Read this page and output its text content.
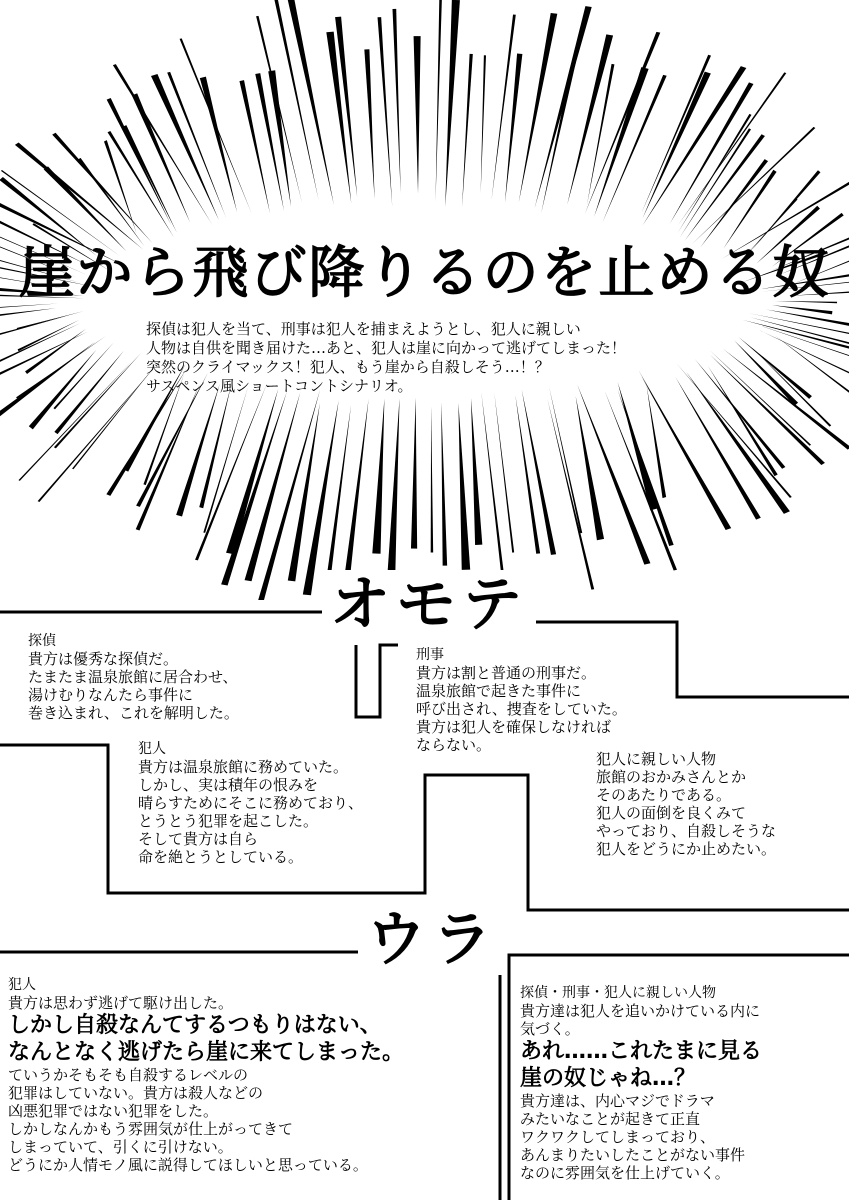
崖から飛び降りるのを止める奴
探偵は犯人を当て、刑事は犯人を捕まえようとし、犯人に親しい
人物は自供を聞き届けた…あと、犯人は崖に向かって逃げてしまった！
突然のクライマックス！犯人、もう崖から自殺しそう…！？
サスペンス風ショートコントシナリオ。
オモテ
探偵
貴方は優秀な探偵だ。
たまたま温泉旅館に居合わせ、
湯けむりなんたら事件に
巻き込まれ、これを解明した。
刑事
貴方は割と普通の刑事だ。
温泉旅館で起きた事件に
呼び出され、捜査をしていた。
貴方は犯人を確保しなければ
ならない。
犯人
貴方は温泉旅館に務めていた。
しかし、実は積年の恨みを
晴らすためにそこに務めており、
とうとう犯罪を起こした。
そして貴方は自ら
命を絶とうとしている。
犯人に親しい人物
旅館のおかみさんとか
そのあたりである。
犯人の面倒を良くみて
やっており、自殺しそうな
犯人をどうにか止めたい。
ウラ
犯人
貴方は思わず逃げて駆け出した。
しかし自殺なんてするつもりはない、
なんとなく逃げたら崖に来てしまった。
ていうかそもそも自殺するレベルの
犯罪はしていない。貴方は殺人などの
凶悪犯罪ではない犯罪をした。
しかしなんかもう雰囲気が仕上がってきて
しまっていて、引くに引けない。
どうにか人情モノ風に説得してほしいと思っている。
探偵・刑事・犯人に親しい人物
貴方達は犯人を追いかけている内に
気づく。
あれ……これたまに見る
崖の奴じゃね…？
貴方達は、内心マジでドラマ
みたいなことが起きて正直
ワクワクしてしまっており、
あんまりたいしたことがない事件
なのに雰囲気を仕上げていく。
